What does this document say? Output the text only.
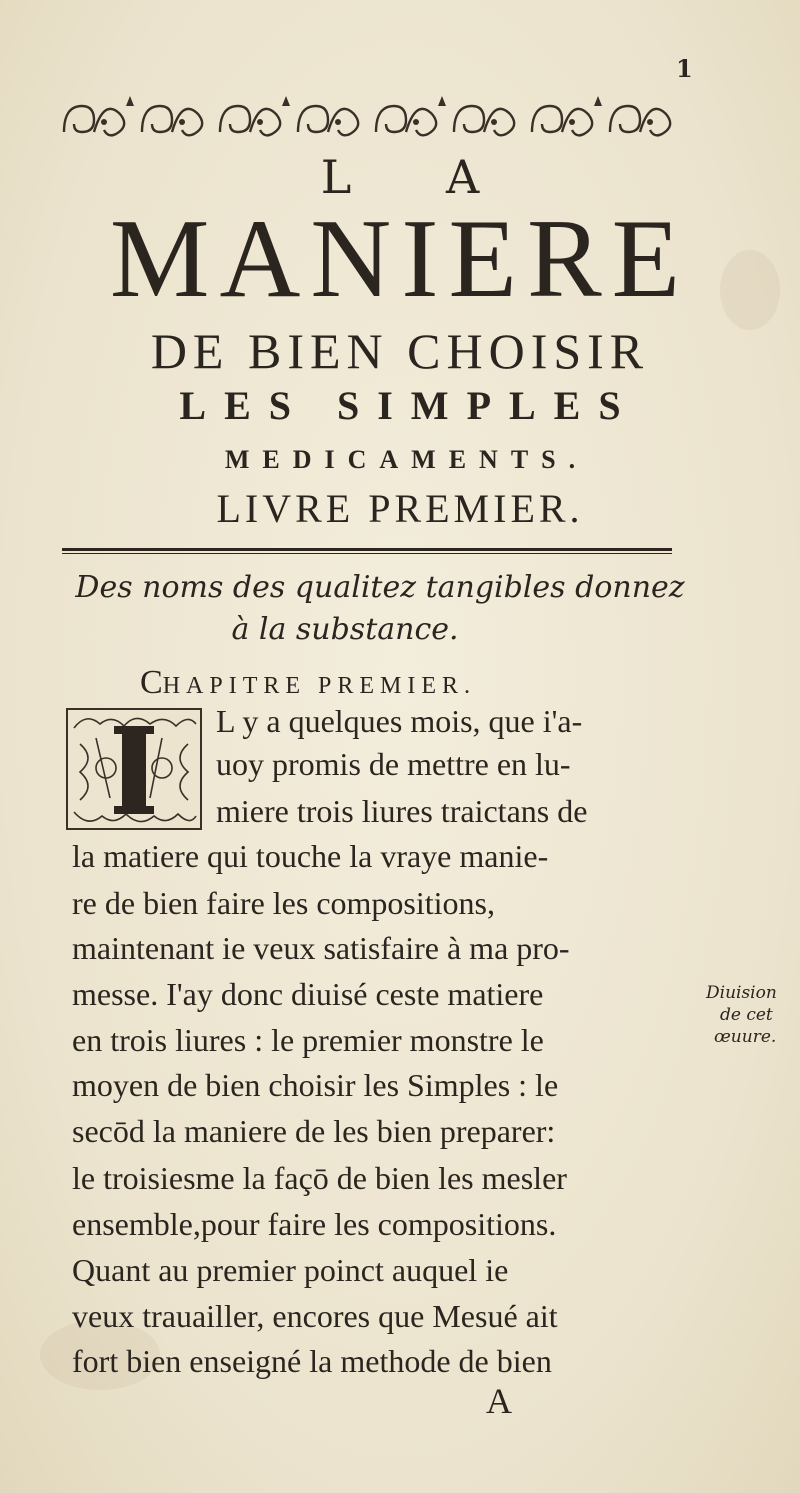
1

L A

MANIERE

DE BIEN CHOISIR

LES SIMPLES

MEDICAMENTS.

LIVRE PREMIER.

Des noms des qualitez tangibles donnez

à la substance.

CHAPITRE PREMIER.

L y a quelques mois, que i'a-

uoy promis de mettre en lu-

miere trois liures traictans de

la matiere qui touche la vraye manie-

re de bien faire les compositions,

maintenant ie veux satisfaire à ma pro-

messe. I'ay donc diuisé ceste matiere

en trois liures : le premier monstre le

moyen de bien choisir les Simples : le

secōd la maniere de les bien preparer:

le troisiesme la façō de bien les mesler

ensemble,pour faire les compositions.

Quant au premier poinct auquel ie

veux trauailler, encores que Mesué ait

fort bien enseigné la methode de bien

Diuision
de cet
œuure.

A
